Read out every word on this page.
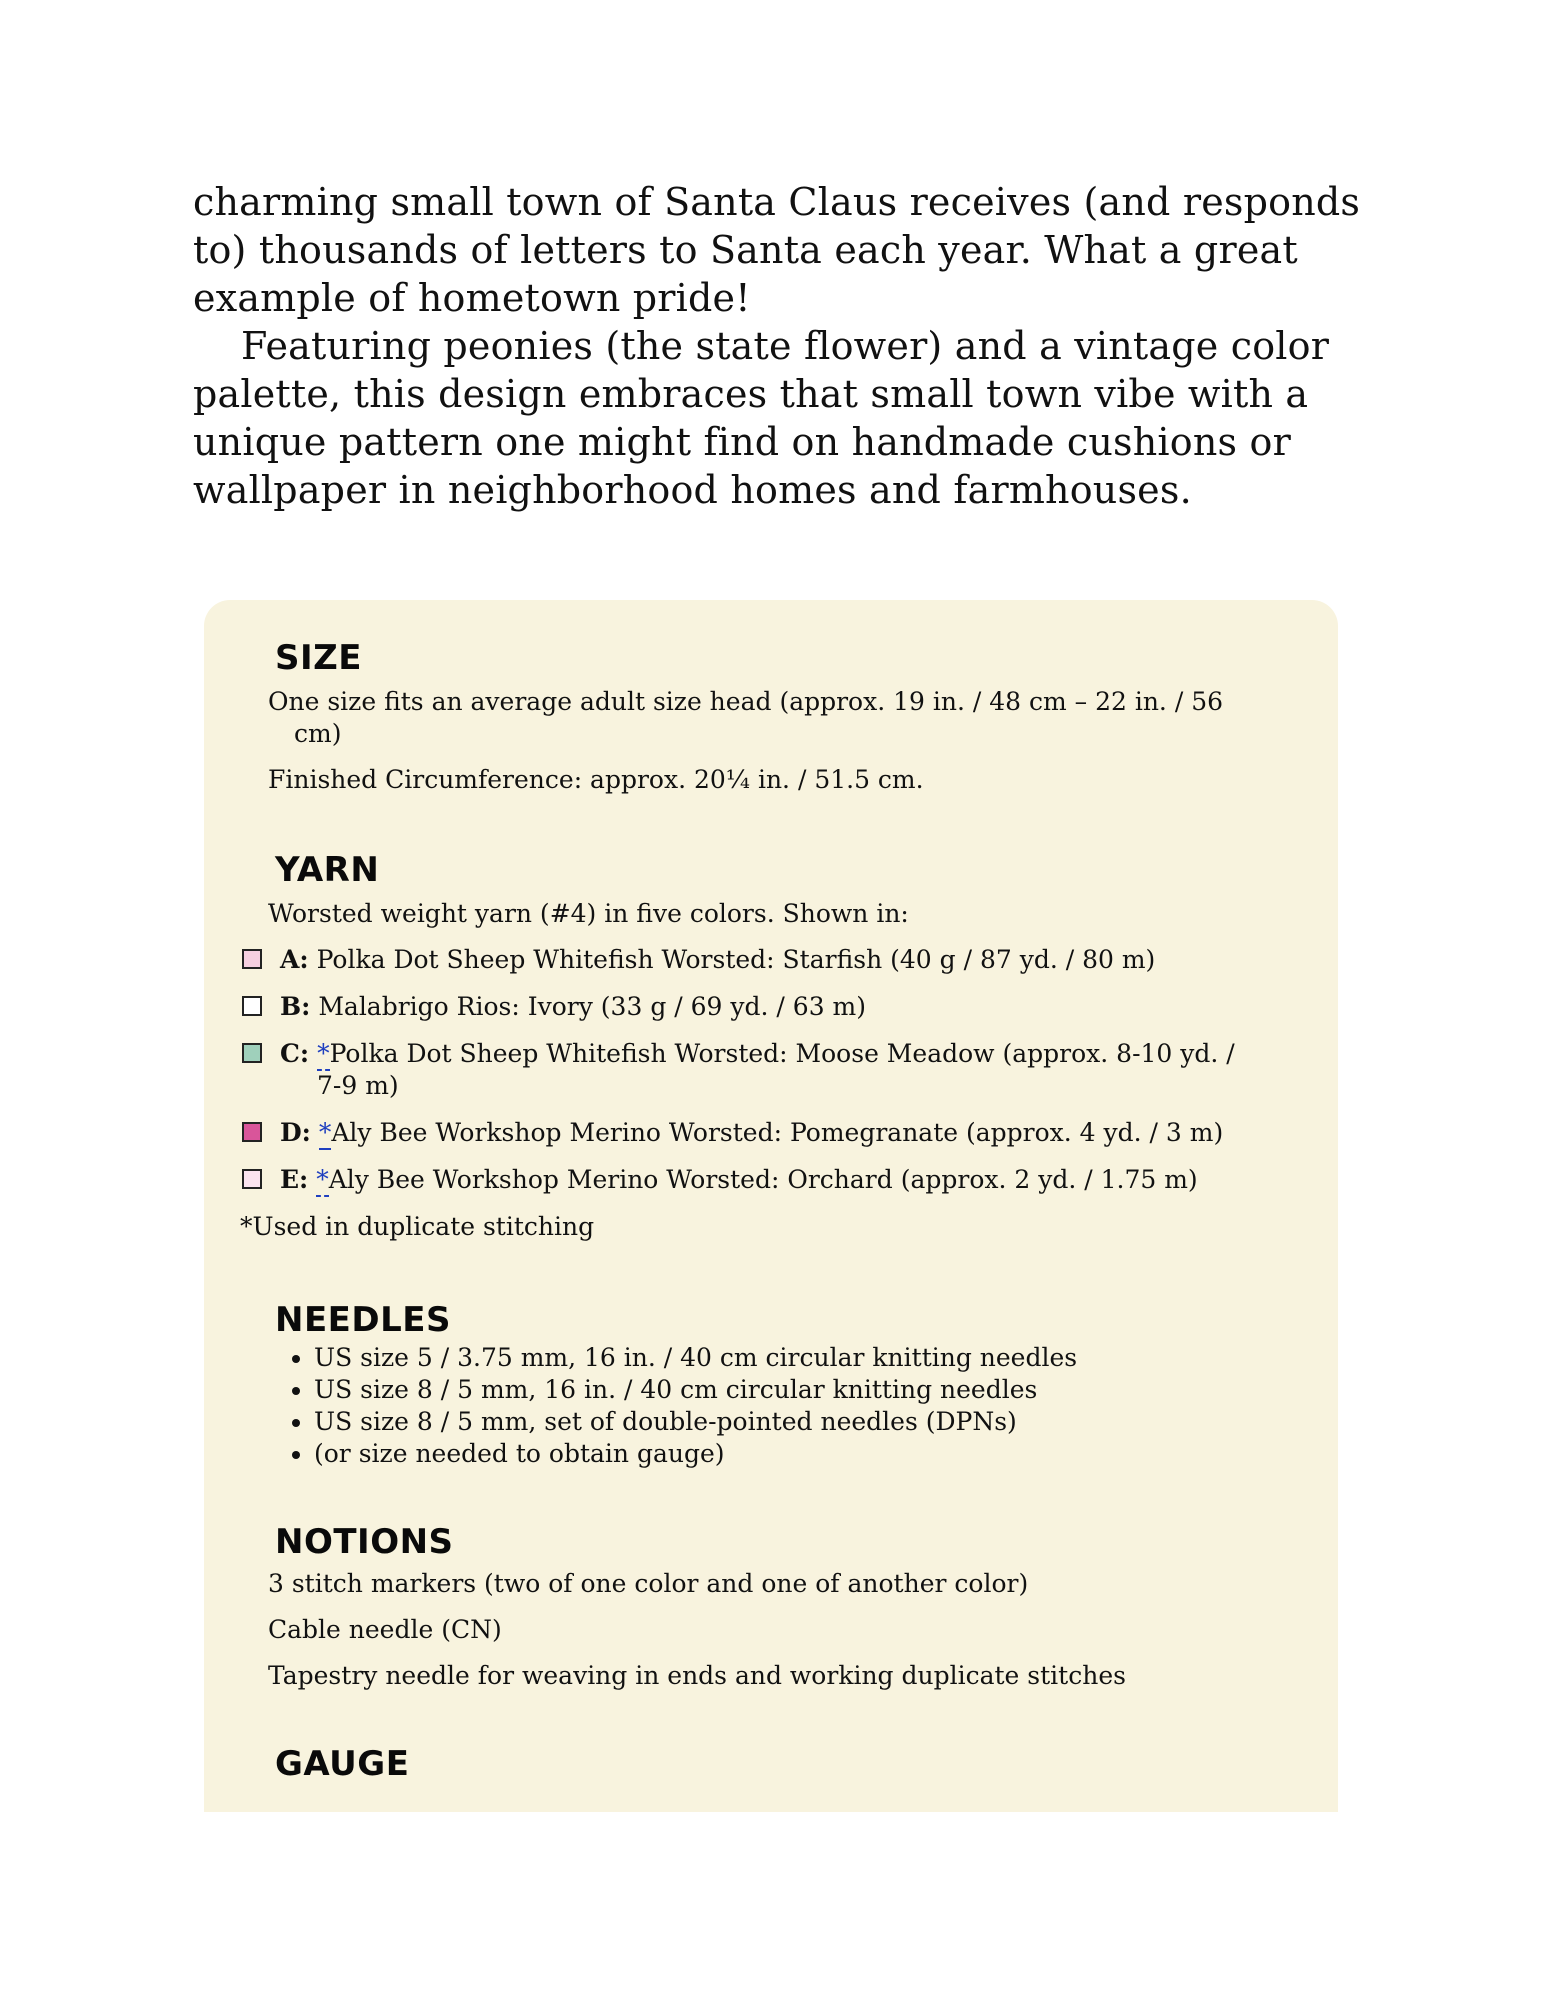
charming small town of Santa Claus receives (and responds to) thousands of letters to Santa each year. What a great example of hometown pride!

Featuring peonies (the state flower) and a vintage color palette, this design embraces that small town vibe with a unique pattern one might find on handmade cushions or wallpaper in neighborhood homes and farmhouses.

SIZE

One size fits an average adult size head (approx. 19 in. / 48 cm – 22 in. / 56

cm)

Finished Circumference: approx. 20¼ in. / 51.5 cm.

YARN

Worsted weight yarn (#4) in five colors. Shown in:

A: Polka Dot Sheep Whitefish Worsted: Starfish (40 g / 87 yd. / 80 m)

B: Malabrigo Rios: Ivory (33 g / 69 yd. / 63 m)

C: *Polka Dot Sheep Whitefish Worsted: Moose Meadow (approx. 8-10 yd. /
7-9 m)

D: *Aly Bee Workshop Merino Worsted: Pomegranate (approx. 4 yd. / 3 m)

E: *Aly Bee Workshop Merino Worsted: Orchard (approx. 2 yd. / 1.75 m)

*Used in duplicate stitching

NEEDLES
• US size 5 / 3.75 mm, 16 in. / 40 cm circular knitting needles
• US size 8 / 5 mm, 16 in. / 40 cm circular knitting needles
• US size 8 / 5 mm, set of double-pointed needles (DPNs)
• (or size needed to obtain gauge)
NOTIONS

3 stitch markers (two of one color and one of another color)

Cable needle (CN)

Tapestry needle for weaving in ends and working duplicate stitches

GAUGE
